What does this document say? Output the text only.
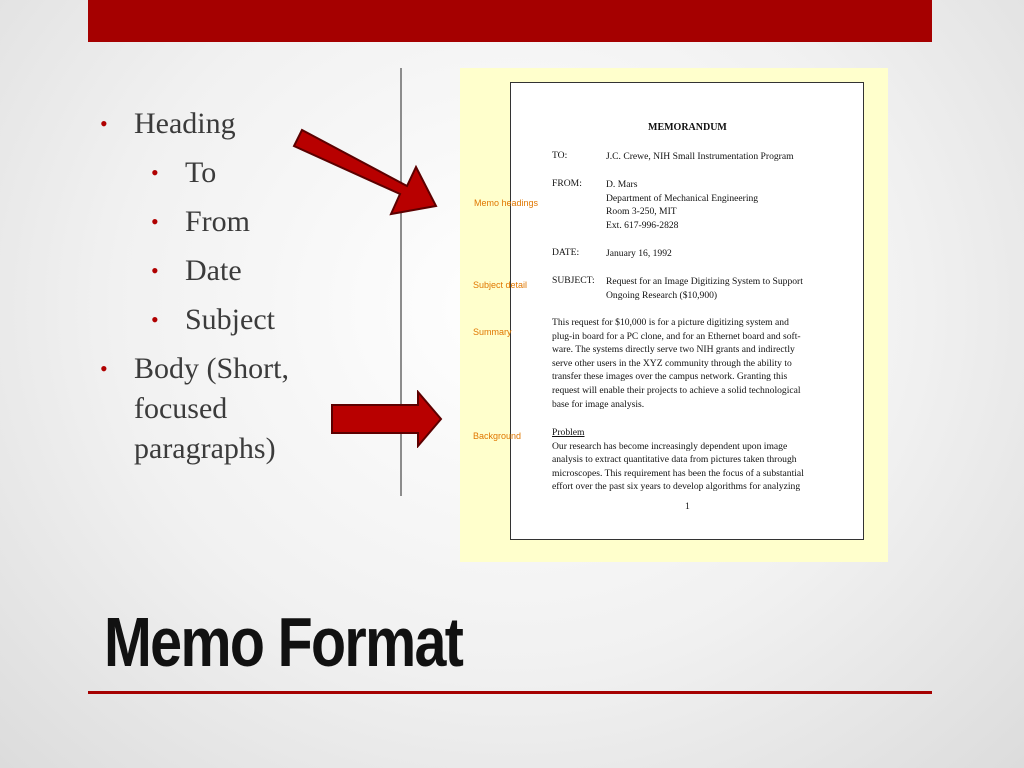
• Heading
• To
• From
• Date
• Subject
• Body (Short,
focused
paragraphs)
Memo headings
Subject detail
Summary
Background
MEMORANDUM
TO:	J.C. Crewe, NIH Small Instrumentation Program
FROM:	D. Mars
Department of Mechanical Engineering
Room 3-250, MIT
Ext. 617-996-2828
DATE:	January 16, 1992
SUBJECT: Request for an Image Digitizing System to Support
Ongoing Research ($10,900)
This request for $10,000 is for a picture digitizing system and
plug-in board for a PC clone, and for an Ethernet board and soft-
ware. The systems directly serve two NIH grants and indirectly
serve other users in the XYZ community through the ability to
transfer these images over the campus network. Granting this
request will enable their projects to achieve a solid technological
base for image analysis.
Problem
Our research has become increasingly dependent upon image
analysis to extract quantitative data from pictures taken through
microscopes. This requirement has been the focus of a substantial
effort over the past six years to develop algorithms for analyzing
1
Memo Format
